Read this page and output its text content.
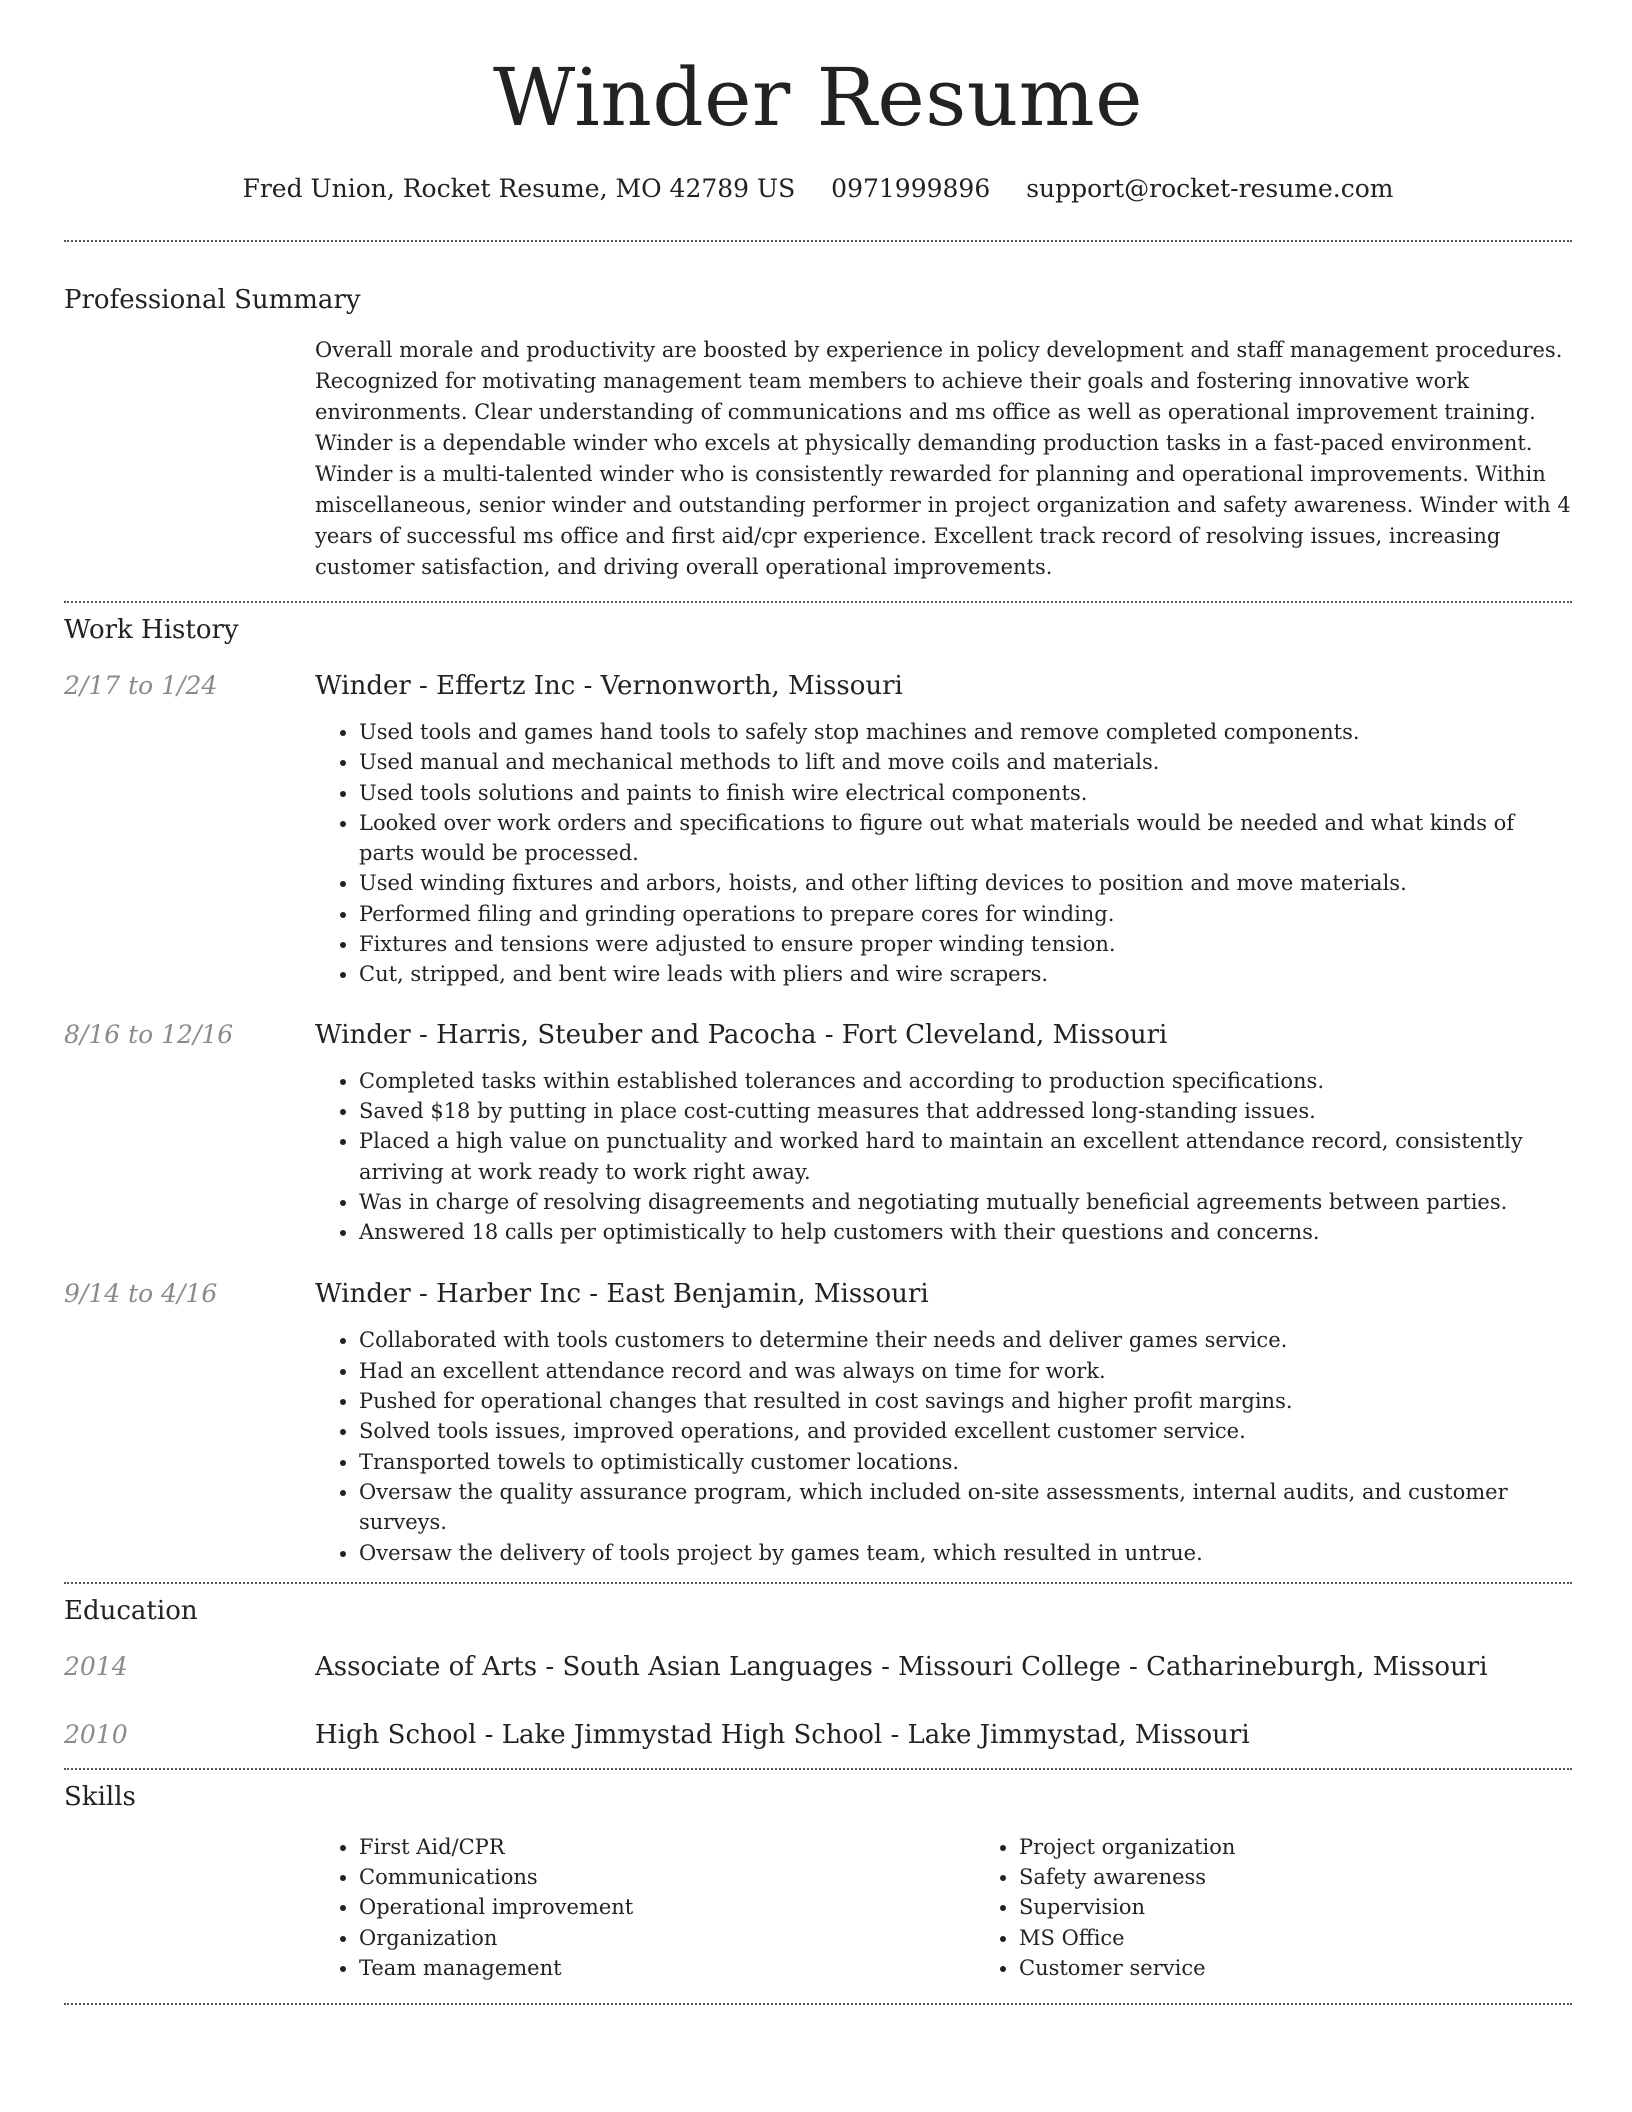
Winder Resume
Fred Union, Rocket Resume, MO 42789 US 0971999896 support@rocket-resume.com
Professional Summary
Overall morale and productivity are boosted by experience in policy development and staff management procedures. Recognized for motivating management team members to achieve their goals and fostering innovative work environments. Clear understanding of communications and ms office as well as operational improvement training. Winder is a dependable winder who excels at physically demanding production tasks in a fast-paced environment. Winder is a multi-talented winder who is consistently rewarded for planning and operational improvements. Within miscellaneous, senior winder and outstanding performer in project organization and safety awareness. Winder with 4 years of successful ms office and first aid/cpr experience. Excellent track record of resolving issues, increasing customer satisfaction, and driving overall operational improvements.
Work History
2/17 to 1/24	Winder - Effertz Inc - Vernonworth, Missouri
• Used tools and games hand tools to safely stop machines and remove completed components.
• Used manual and mechanical methods to lift and move coils and materials.
• Used tools solutions and paints to finish wire electrical components.
• Looked over work orders and specifications to figure out what materials would be needed and what kinds of parts would be processed.
• Used winding fixtures and arbors, hoists, and other lifting devices to position and move materials.
• Performed filing and grinding operations to prepare cores for winding.
• Fixtures and tensions were adjusted to ensure proper winding tension.
• Cut, stripped, and bent wire leads with pliers and wire scrapers.
8/16 to 12/16	Winder - Harris, Steuber and Pacocha - Fort Cleveland, Missouri
• Completed tasks within established tolerances and according to production specifications.
• Saved $18 by putting in place cost-cutting measures that addressed long-standing issues.
• Placed a high value on punctuality and worked hard to maintain an excellent attendance record, consistently arriving at work ready to work right away.
• Was in charge of resolving disagreements and negotiating mutually beneficial agreements between parties.
• Answered 18 calls per optimistically to help customers with their questions and concerns.
9/14 to 4/16	Winder - Harber Inc - East Benjamin, Missouri
• Collaborated with tools customers to determine their needs and deliver games service.
• Had an excellent attendance record and was always on time for work.
• Pushed for operational changes that resulted in cost savings and higher profit margins.
• Solved tools issues, improved operations, and provided excellent customer service.
• Transported towels to optimistically customer locations.
• Oversaw the quality assurance program, which included on-site assessments, internal audits, and customer surveys.
• Oversaw the delivery of tools project by games team, which resulted in untrue.
Education
2014	Associate of Arts - South Asian Languages - Missouri College - Catharineburgh, Missouri
2010	High School - Lake Jimmystad High School - Lake Jimmystad, Missouri
Skills
• First Aid/CPR
• Communications
• Operational improvement
• Organization
• Team management
• Project organization
• Safety awareness
• Supervision
• MS Office
• Customer service
